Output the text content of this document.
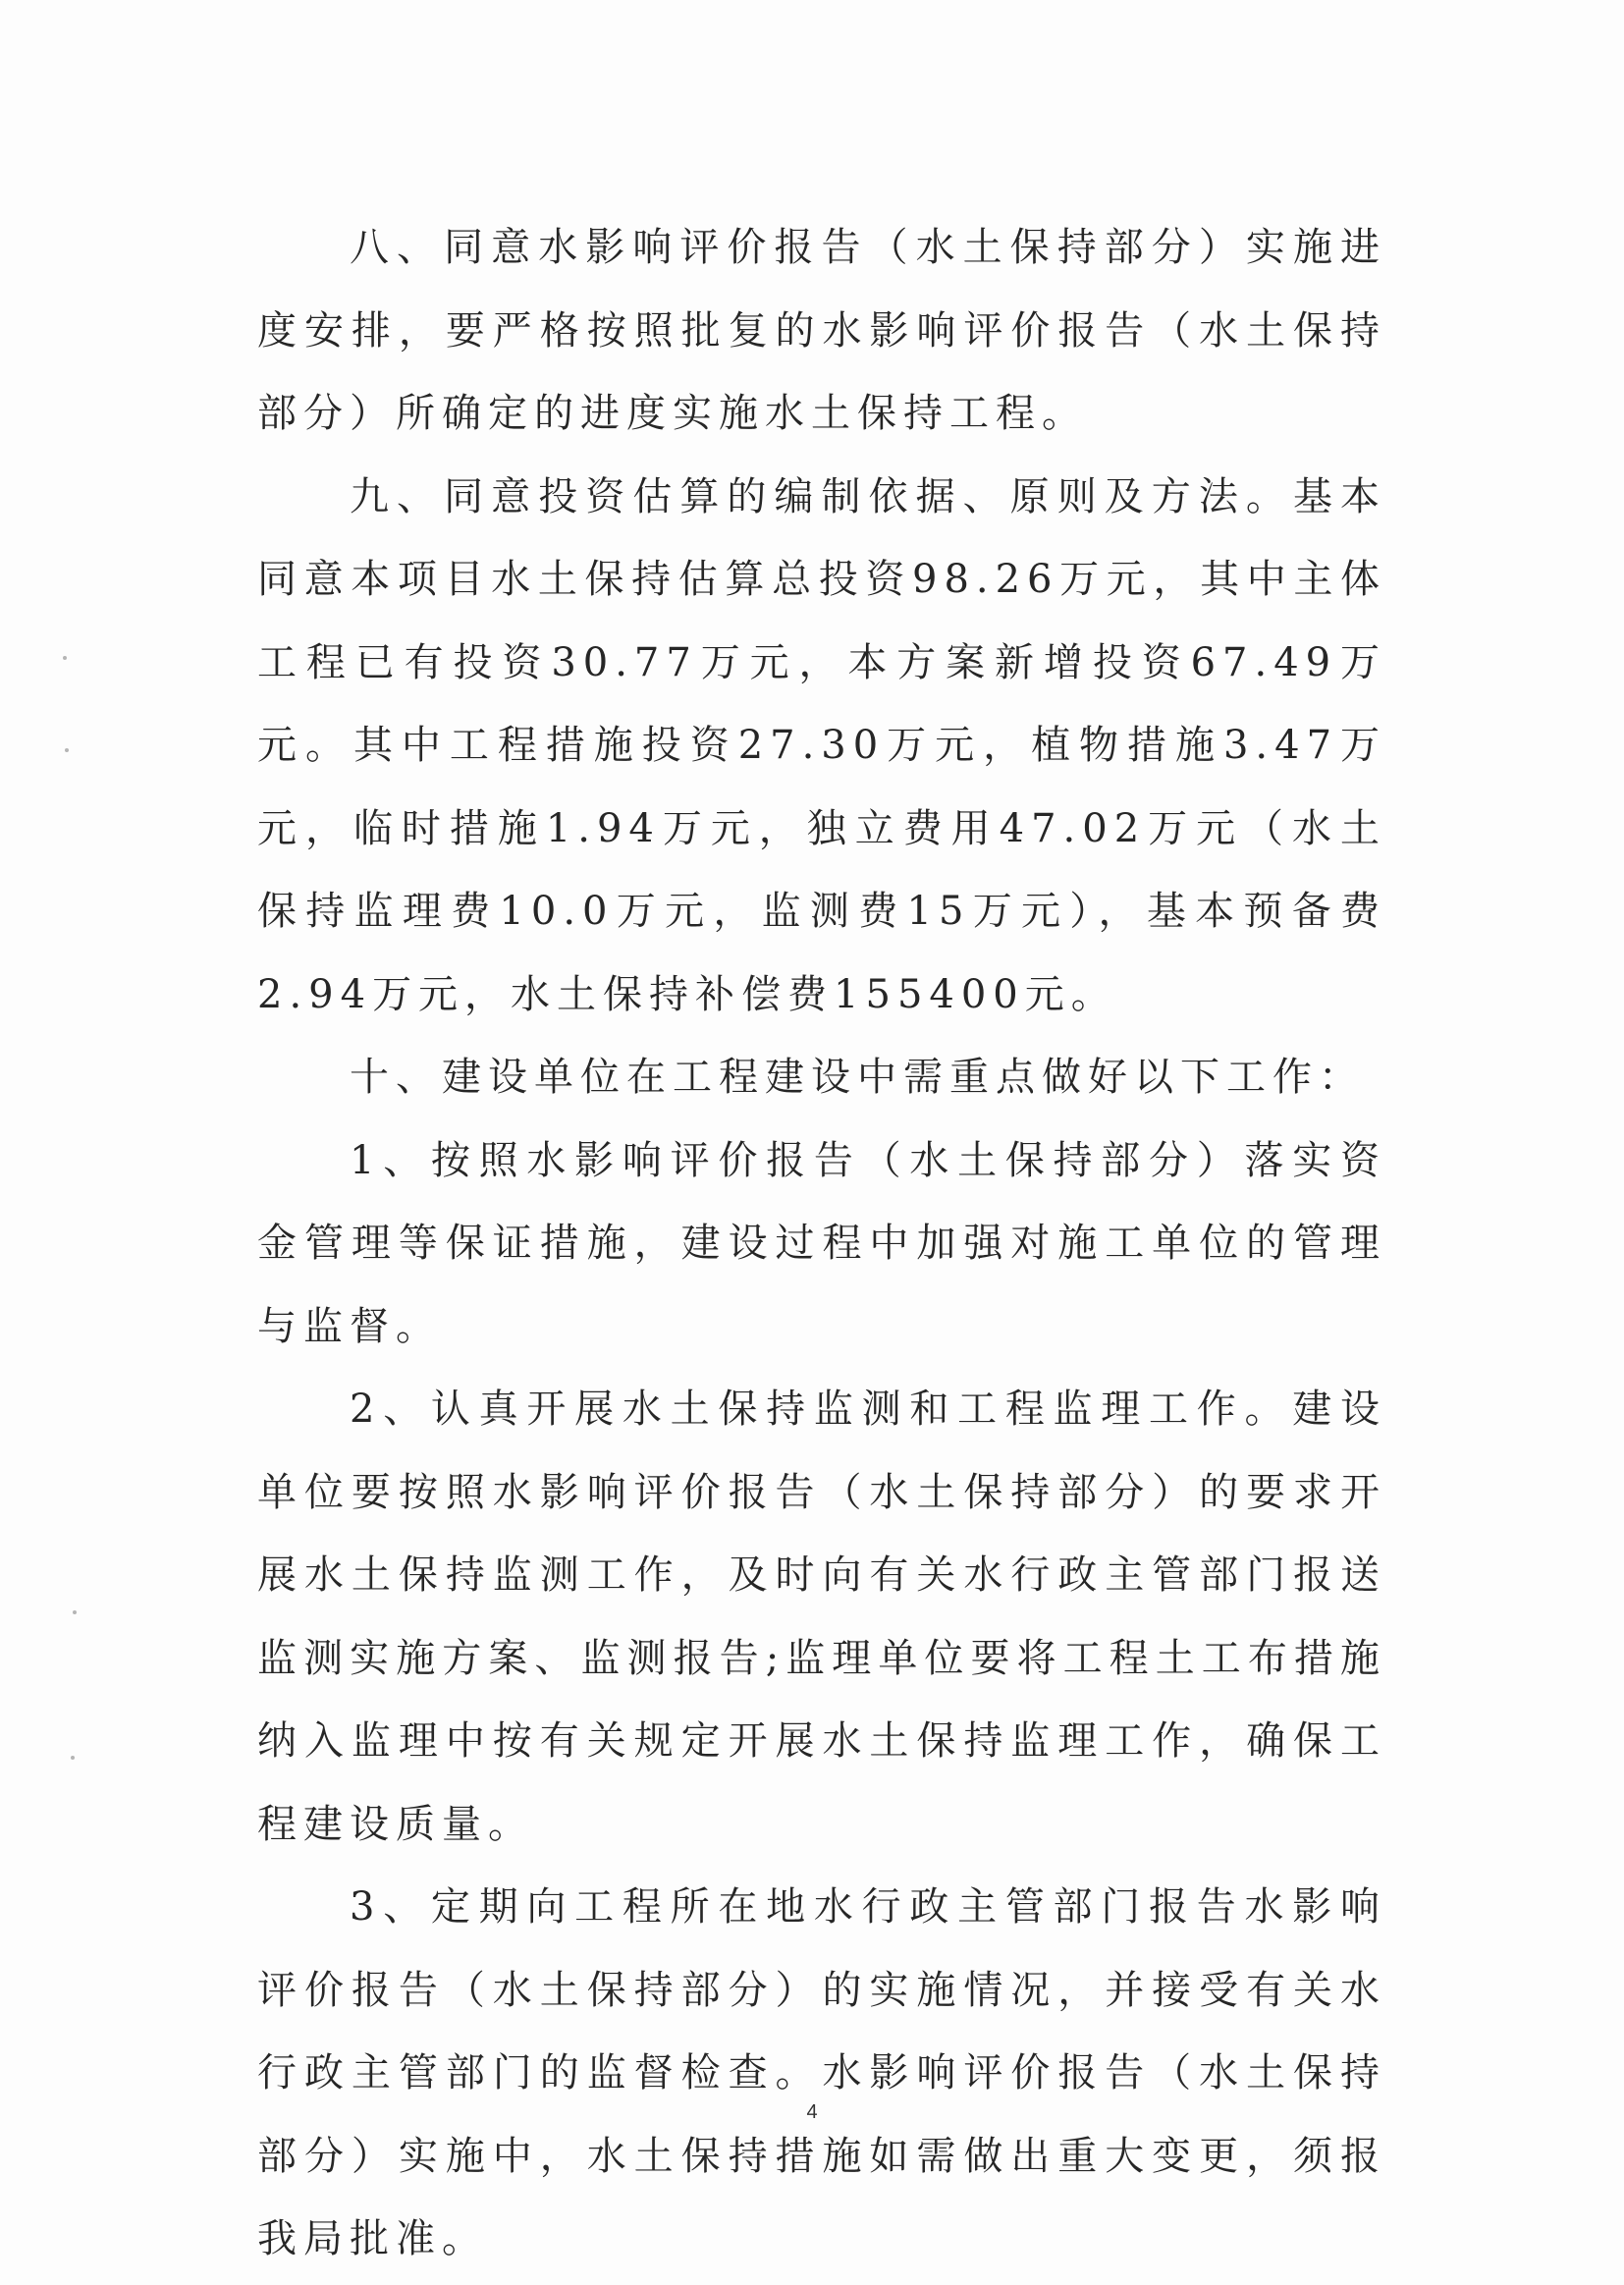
八、同意水影响评价报告（水土保持部分）实施进度安排，要严格按照批复的水影响评价报告（水土保持部分）所确定的进度实施水土保持工程。

九、同意投资估算的编制依据、原则及方法。基本同意本项目水土保持估算总投资98.26万元，其中主体工程已有投资30.77万元，本方案新增投资67.49万元。其中工程措施投资27.30万元，植物措施3.47万元，临时措施1.94万元，独立费用47.02万元（水土保持监理费10.0万元，监测费15万元），基本预备费2.94万元，水土保持补偿费155400元。

十、建设单位在工程建设中需重点做好以下工作：

1、按照水影响评价报告（水土保持部分）落实资金管理等保证措施，建设过程中加强对施工单位的管理与监督。

2、认真开展水土保持监测和工程监理工作。建设单位要按照水影响评价报告（水土保持部分）的要求开展水土保持监测工作，及时向有关水行政主管部门报送监测实施方案、监测报告;监理单位要将工程土工布措施纳入监理中按有关规定开展水土保持监理工作，确保工程建设质量。

3、定期向工程所在地水行政主管部门报告水影响评价报告（水土保持部分）的实施情况，并接受有关水行政主管部门的监督检查。水影响评价报告（水土保持部分）实施中，水土保持措施如需做出重大变更，须报我局批准。

4
